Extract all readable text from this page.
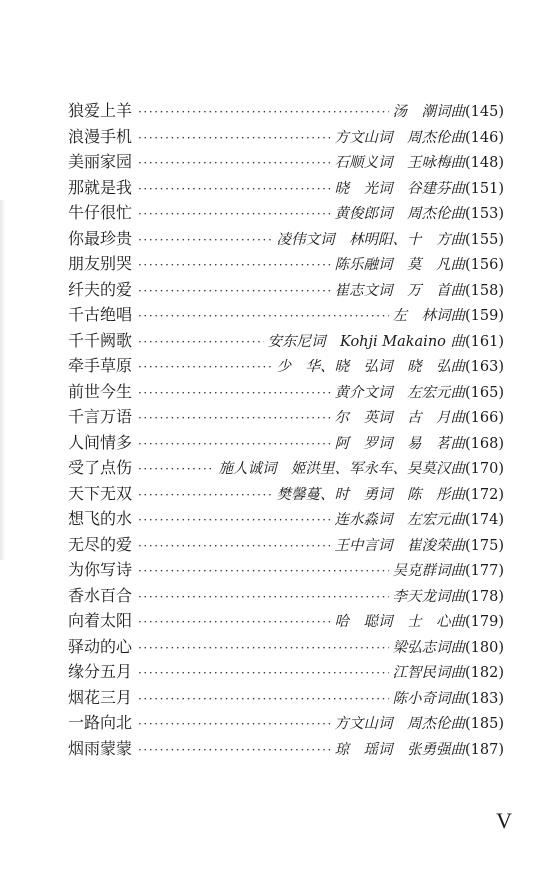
狼爱上羊 ·····	汤　潮词曲 (145)
浪漫手机 ·····	方文山词　周杰伦曲 (146)
美丽家园 ·····	石顺义词　王咏梅曲 (148)
那就是我 ·····	晓　光词　谷建芬曲 (151)
牛仔很忙 ·····	黄俊郎词　周杰伦曲 (153)
你最珍贵 ·····	凌伟文词　林明阳、十　方曲 (155)
朋友别哭 ·····	陈乐融词　莫　凡曲 (156)
纤夫的爱 ·····	崔志文词　万　首曲 (158)
千古绝唱 ·····	左　林词曲 (159)
千千阙歌 ·····	安东尼词　Kohji Makaino 曲 (161)
牵手草原 ·····	少　华、晓　弘词　晓　弘曲 (163)
前世今生 ·····	黄介文词　左宏元曲 (165)
千言万语 ·····	尔　英词　古　月曲 (166)
人间情多 ·····	阿　罗词　易　茗曲 (168)
受了点伤 ·····	施人诚词　姬洪里、军永车、旲莫汉曲 (170)
天下无双 ·····	樊馨蔓、时　勇词　陈　彤曲 (172)
想飞的水 ·····	连水淼词　左宏元曲 (174)
无尽的爱 ·····	王中言词　崔浚荣曲 (175)
为你写诗 ·····	吴克群词曲 (177)
香水百合 ·····	李天龙词曲 (178)
向着太阳 ·····	哈　聪词　士　心曲 (179)
驿动的心 ·····	梁弘志词曲 (180)
缘分五月 ·····	江智民词曲 (182)
烟花三月 ·····	陈小奇词曲 (183)
一路向北 ·····	方文山词　周杰伦曲 (185)
烟雨蒙蒙 ·····	琼　瑶词　张勇强曲 (187)
V
